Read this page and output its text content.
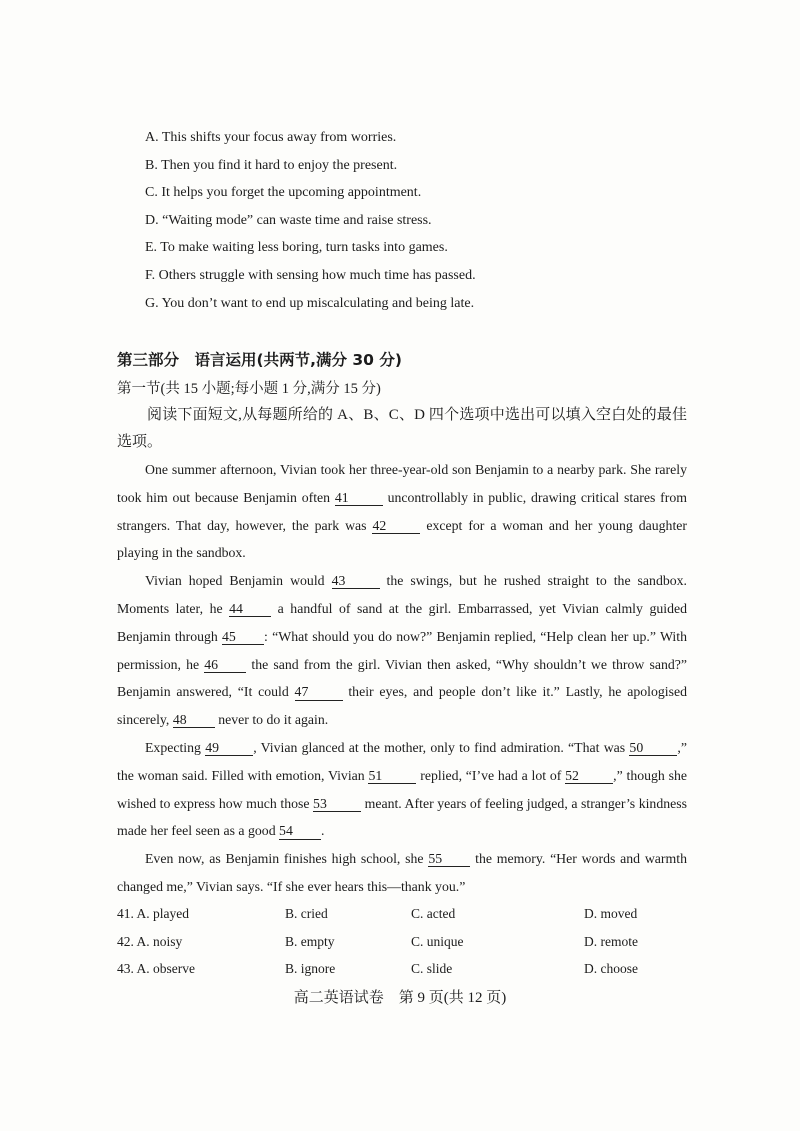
A. This shifts your focus away from worries.
B. Then you find it hard to enjoy the present.
C. It helps you forget the upcoming appointment.
D. “Waiting mode” can waste time and raise stress.
E. To make waiting less boring, turn tasks into games.
F. Others struggle with sensing how much time has passed.
G. You don’t want to end up miscalculating and being late.
第三部分　语言运用(共两节,满分 30 分)
第一节(共 15 小题;每小题 1 分,满分 15 分)
阅读下面短文,从每题所给的 A、B、C、D 四个选项中选出可以填入空白处的最佳选项。
One summer afternoon, Vivian took her three-year-old son Benjamin to a nearby park. She rarely took him out because Benjamin often 41 uncontrollably in public, drawing critical stares from strangers. That day, however, the park was 42 except for a woman and her young daughter playing in the sandbox.
Vivian hoped Benjamin would 43 the swings, but he rushed straight to the sandbox. Moments later, he 44 a handful of sand at the girl. Embarrassed, yet Vivian calmly guided Benjamin through 45 : “What should you do now?” Benjamin replied, “Help clean her up.” With permission, he 46 the sand from the girl. Vivian then asked, “Why shouldn’t we throw sand?” Benjamin answered, “It could 47 their eyes, and people don’t like it.” Lastly, he apologised sincerely, 48 never to do it again.
Expecting 49 , Vivian glanced at the mother, only to find admiration. “That was 50 ,” the woman said. Filled with emotion, Vivian 51 replied, “I’ve had a lot of 52 ,” though she wished to express how much those 53 meant. After years of feeling judged, a stranger’s kindness made her feel seen as a good 54 .
Even now, as Benjamin finishes high school, she 55 the memory. “Her words and warmth changed me,” Vivian says. “If she ever hears this—thank you.”
41. A. played	B. cried	C. acted	D. moved
42. A. noisy	B. empty	C. unique	D. remote
43. A. observe	B. ignore	C. slide	D. choose
高二英语试卷　第 9 页(共 12 页)
